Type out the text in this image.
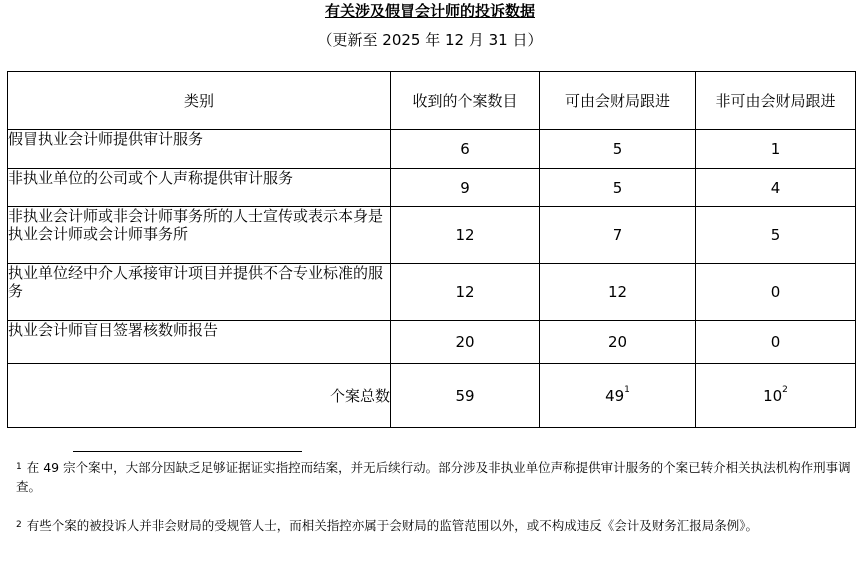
有关涉及假冒会计师的投诉数据
（更新至 2025 年 12 月 31 日）
类别	收到的个案数目	可由会财局跟进	非可由会财局跟进
假冒执业会计师提供审计服务	6	5	1
非执业单位的公司或个人声称提供审计服务	9	5	4
非执业会计师或非会计师事务所的人士宣传或表示本身是执业会计师或会计师事务所	12	7	5
执业单位经中介人承接审计项目并提供不合专业标准的服务	12	12	0
执业会计师盲目签署核数师报告	20	20	0
个案总数	59	$49^1$	$10^2$
$^1$ 在 49 宗个案中，大部分因缺乏足够证据证实指控而结案，并无后续行动。部分涉及非执业单位声称提供审计服务的个案已转介相关执法机构作刑事调查。
$^2$ 有些个案的被投诉人并非会财局的受规管人士，而相关指控亦属于会财局的监管范围以外，或不构成违反《会计及财务汇报局条例》。
